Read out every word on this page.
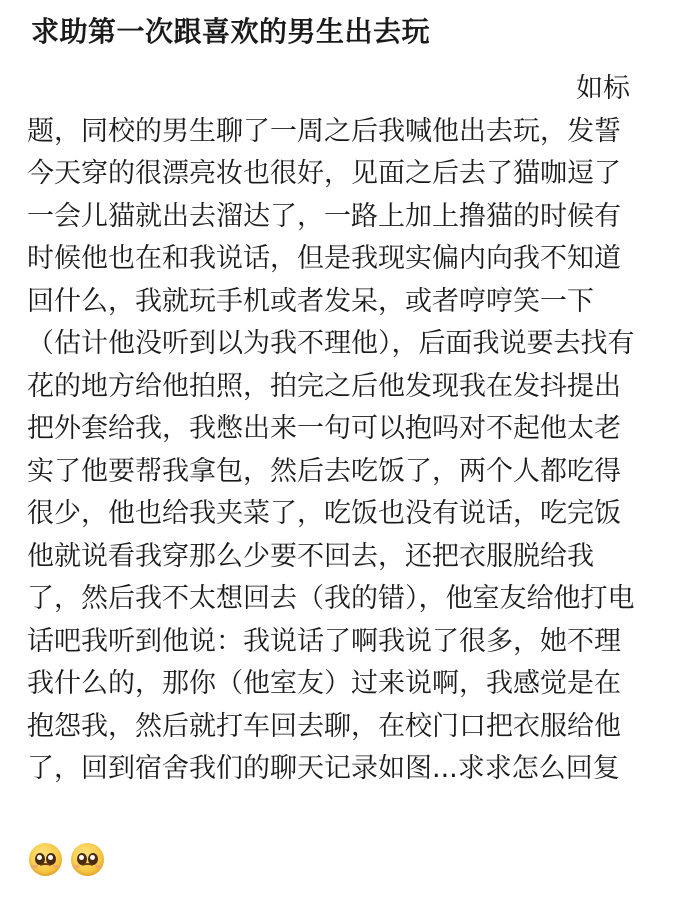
求助第一次跟喜欢的男生出去玩
如标
题，同校的男生聊了一周之后我喊他出去玩，发誓
今天穿的很漂亮妆也很好，见面之后去了猫咖逗了
一会儿猫就出去溜达了，一路上加上撸猫的时候有
时候他也在和我说话，但是我现实偏内向我不知道
回什么，我就玩手机或者发呆，或者哼哼笑一下
（估计他没听到以为我不理他），后面我说要去找有
花的地方给他拍照，拍完之后他发现我在发抖提出
把外套给我，我憋出来一句可以抱吗对不起他太老
实了他要帮我拿包，然后去吃饭了，两个人都吃得
很少，他也给我夹菜了，吃饭也没有说话，吃完饭
他就说看我穿那么少要不回去，还把衣服脱给我
了，然后我不太想回去（我的错），他室友给他打电
话吧我听到他说：我说话了啊我说了很多，她不理
我什么的，那你（他室友）过来说啊，我感觉是在
抱怨我，然后就打车回去聊，在校门口把衣服给他
了，回到宿舍我们的聊天记录如图...求求怎么回复
